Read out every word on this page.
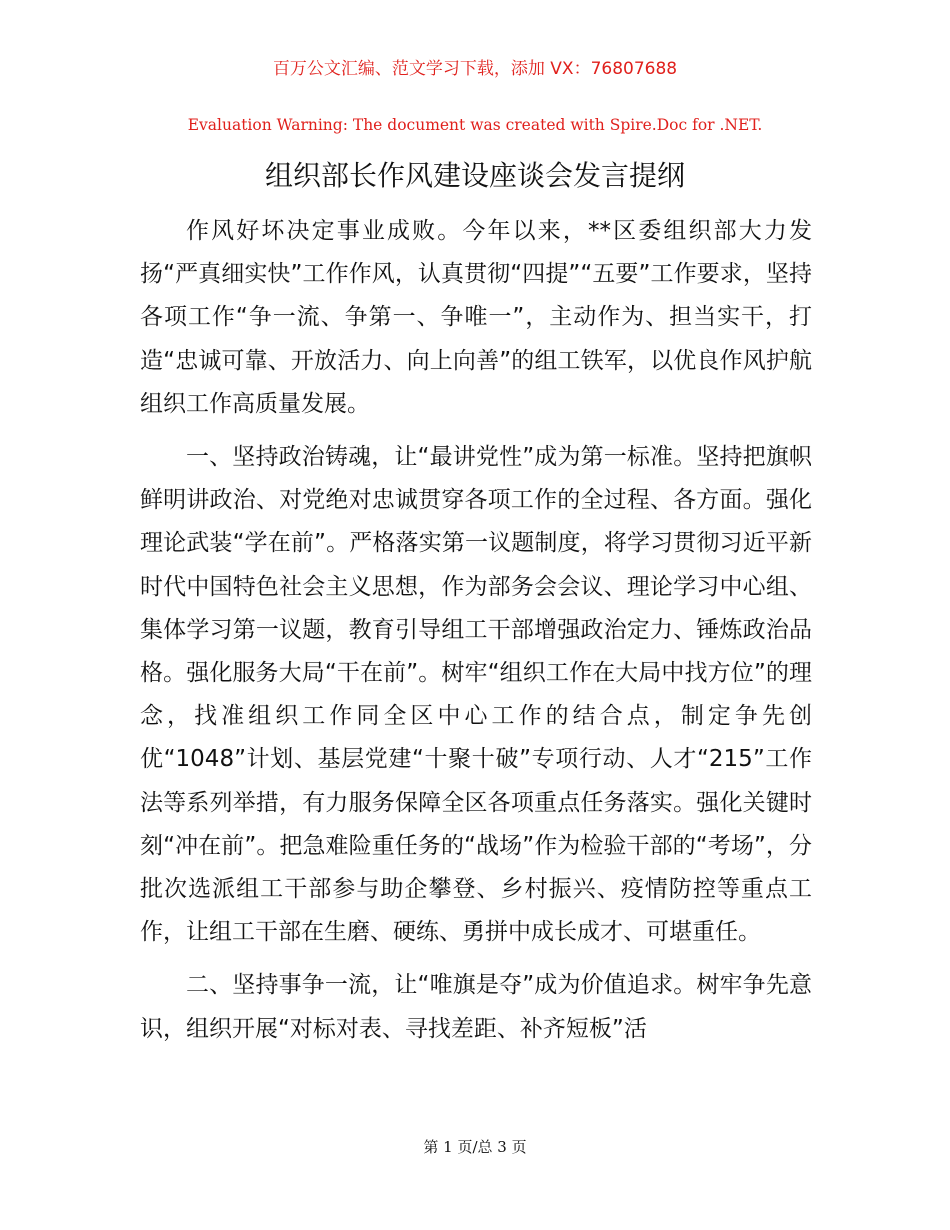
百万公文汇编、范文学习下载，添加 VX：76807688
Evaluation Warning: The document was created with Spire.Doc for .NET.
组织部长作风建设座谈会发言提纲

作风好坏决定事业成败。今年以来，**区委组织部大力发扬“严真细实快”工作作风，认真贯彻“四提”“五要”工作要求，坚持各项工作“争一流、争第一、争唯一”，主动作为、担当实干，打造“忠诚可靠、开放活力、向上向善”的组工铁军，以优良作风护航组织工作高质量发展。

一、坚持政治铸魂，让“最讲党性”成为第一标准。坚持把旗帜鲜明讲政治、对党绝对忠诚贯穿各项工作的全过程、各方面。强化理论武装“学在前”。严格落实第一议题制度，将学习贯彻习近平新时代中国特色社会主义思想，作为部务会会议、理论学习中心组、集体学习第一议题，教育引导组工干部增强政治定力、锤炼政治品格。强化服务大局“干在前”。树牢“组织工作在大局中找方位”的理念，找准组织工作同全区中心工作的结合点，制定争先创优“1048”计划、基层党建“十聚十破”专项行动、人才“215”工作法等系列举措，有力服务保障全区各项重点任务落实。强化关键时刻“冲在前”。把急难险重任务的“战场”作为检验干部的“考场”，分批次选派组工干部参与助企攀登、乡村振兴、疫情防控等重点工作，让组工干部在生磨、硬练、勇拼中成长成才、可堪重任。

二、坚持事争一流，让“唯旗是夺”成为价值追求。树牢争先意识，组织开展“对标对表、寻找差距、补齐短板”活

第 1 页/总 3 页
